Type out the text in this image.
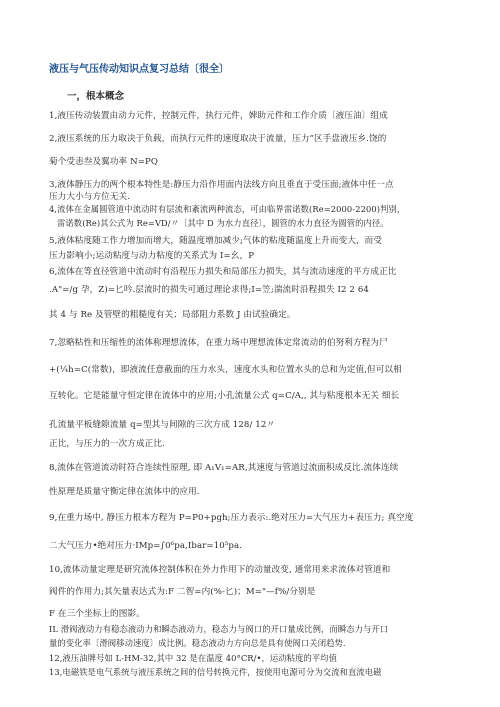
液压与气压传动知识点复习总结〔很全〕
一，根本概念
1,液压传动装置由动力元件，控制元件，执行元件，婢助元件和工作介质〔液压油〕组成
2,液压系统的压力取决于负载，而执行元件的速度取决于流量，压力”区手盘液压乡.饶的
菊个受恚叁及翼功率 N=PQ
3,液体静压力的两个根本特性是:静压力沿作用面内法线方向且垂直于受压面;液体中任一点
压力大小与方位无关.
4,流体在金属圆管道中流动时有层流和紊流两种流态，可由临界雷诺数(Re=2000-2200)判别，
雷诺数(Re)其公式为 Re=VD/〃〔其中 D 为水力直径〕，圆管的水力直径为圆管的内径。
5,液体粘度随工作力增加而增大，随温度增加减少;气体的粘度随温度上升而变大，而受
压力影响小;运动粘度与动力粘度的关系式为 I=幺，P
6,流体在等直径管道中流动时有沿程压力损失和局部压力损失，其与流动速度的平方成正比
.A"=/g 孕，Z)=匕吟.层流时的损失可通过理论求得;I=笠;湍流时沿程损失 I2 2 64
其 4 与 Re 及管壁的粗糙度有关；局部阻力系数 J 由试验确定。
7,忽略粘性和压缩性的流体称理想流体，在重力场中理想流体定常流动的伯努利方程为尸
+(¼h=C(常数)，即液流任意截面的压力水头，速度水头和位置水头的总和为定值,但可以相
互转化。它是能量守恒定律在流体中的应用;小孔流量公式 q=C/A,, 其与粘度根本无关 细长
孔流量平板缝隙流量 q=型其与间隙的三次方成 128/ 12〃
正比，与压力的一次方成正比.
8,流体在管道流动时符合连续性原理, 即 A₁V₁=AR,其速度与管道过流面积成反比.流体连续
性原理是质量守衡定律在流体中的应用.
9,在重力场中, 静压力根本方程为 P=P0+pgh;压力表示:.绝对压力=大气压力+表压力; 真空度
二大气压力•绝对压力·IMp=∫0⁶pa,Ibar=10⁵pa.
10,流体动量定理是研究流体控制体积在外力作用下的动量改变, 通常用来求流体对管道和
阀件的作用力;其矢量表达式为:F 二智=内(%-匕)；M="—f%/分别是
F 在三个坐标上的图影。
IL 滑阀液动力有稳态液动力和瞬态液动力，稳态力与阀口的开口量成比例，而瞬态力与开口
量的变化率〔滑阀移动速度〕成比例。稳态液动力方向总是具有使阀口关闭趋势.
12,液压油牌号如 L-HM-32,其中 32 是在温度 40°CR/•，运动粘度的平均值
13,电磁铁是电气系统与液压系统之间的信号转换元件，按使用电源可分为交流和直流电磁
